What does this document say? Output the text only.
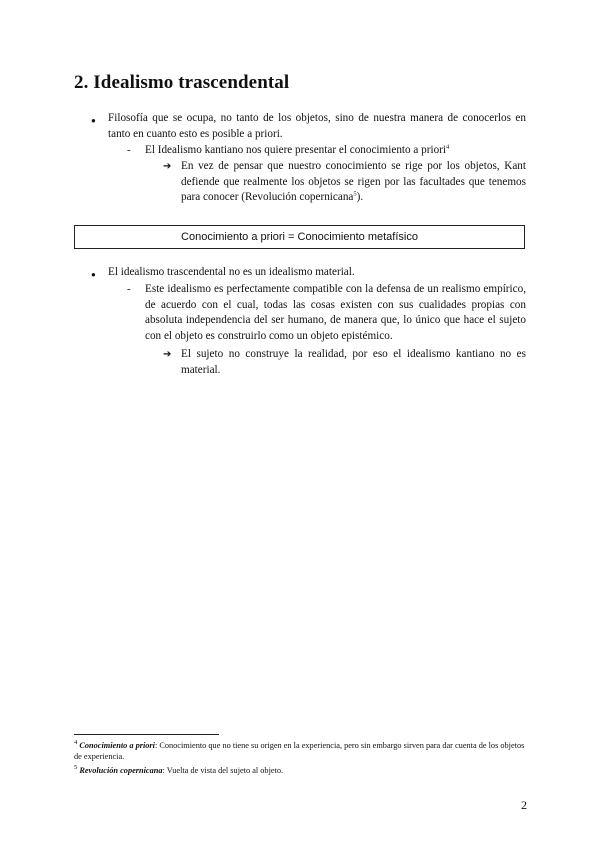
2. Idealismo trascendental
● Filosofía que se ocupa, no tanto de los objetos, sino de nuestra manera de conocerlos en tanto en cuanto esto es posible a priori.

- El Idealismo kantiano nos quiere presentar el conocimiento a priori$^4$

➔ En vez de pensar que nuestro conocimiento se rige por los objetos, Kant defiende que realmente los objetos se rigen por las facultades que tenemos para conocer (Revolución copernicana$^5$).

Conocimiento a priori = Conocimiento metafísico
● El idealismo trascendental no es un idealismo material.

- Este idealismo es perfectamente compatible con la defensa de un realismo empírico, de acuerdo con el cual, todas las cosas existen con sus cualidades propias con absoluta independencia del ser humano, de manera que, lo único que hace el sujeto con el objeto es construirlo como un objeto epistémico.

➔ El sujeto no construye la realidad, por eso el idealismo kantiano no es material.

$^4$ Conocimiento a priori: Conocimiento que no tiene su origen en la experiencia, pero sin embargo sirven para dar cuenta de los objetos de experiencia.

$^5$ Revolución copernicana: Vuelta de vista del sujeto al objeto.

2
